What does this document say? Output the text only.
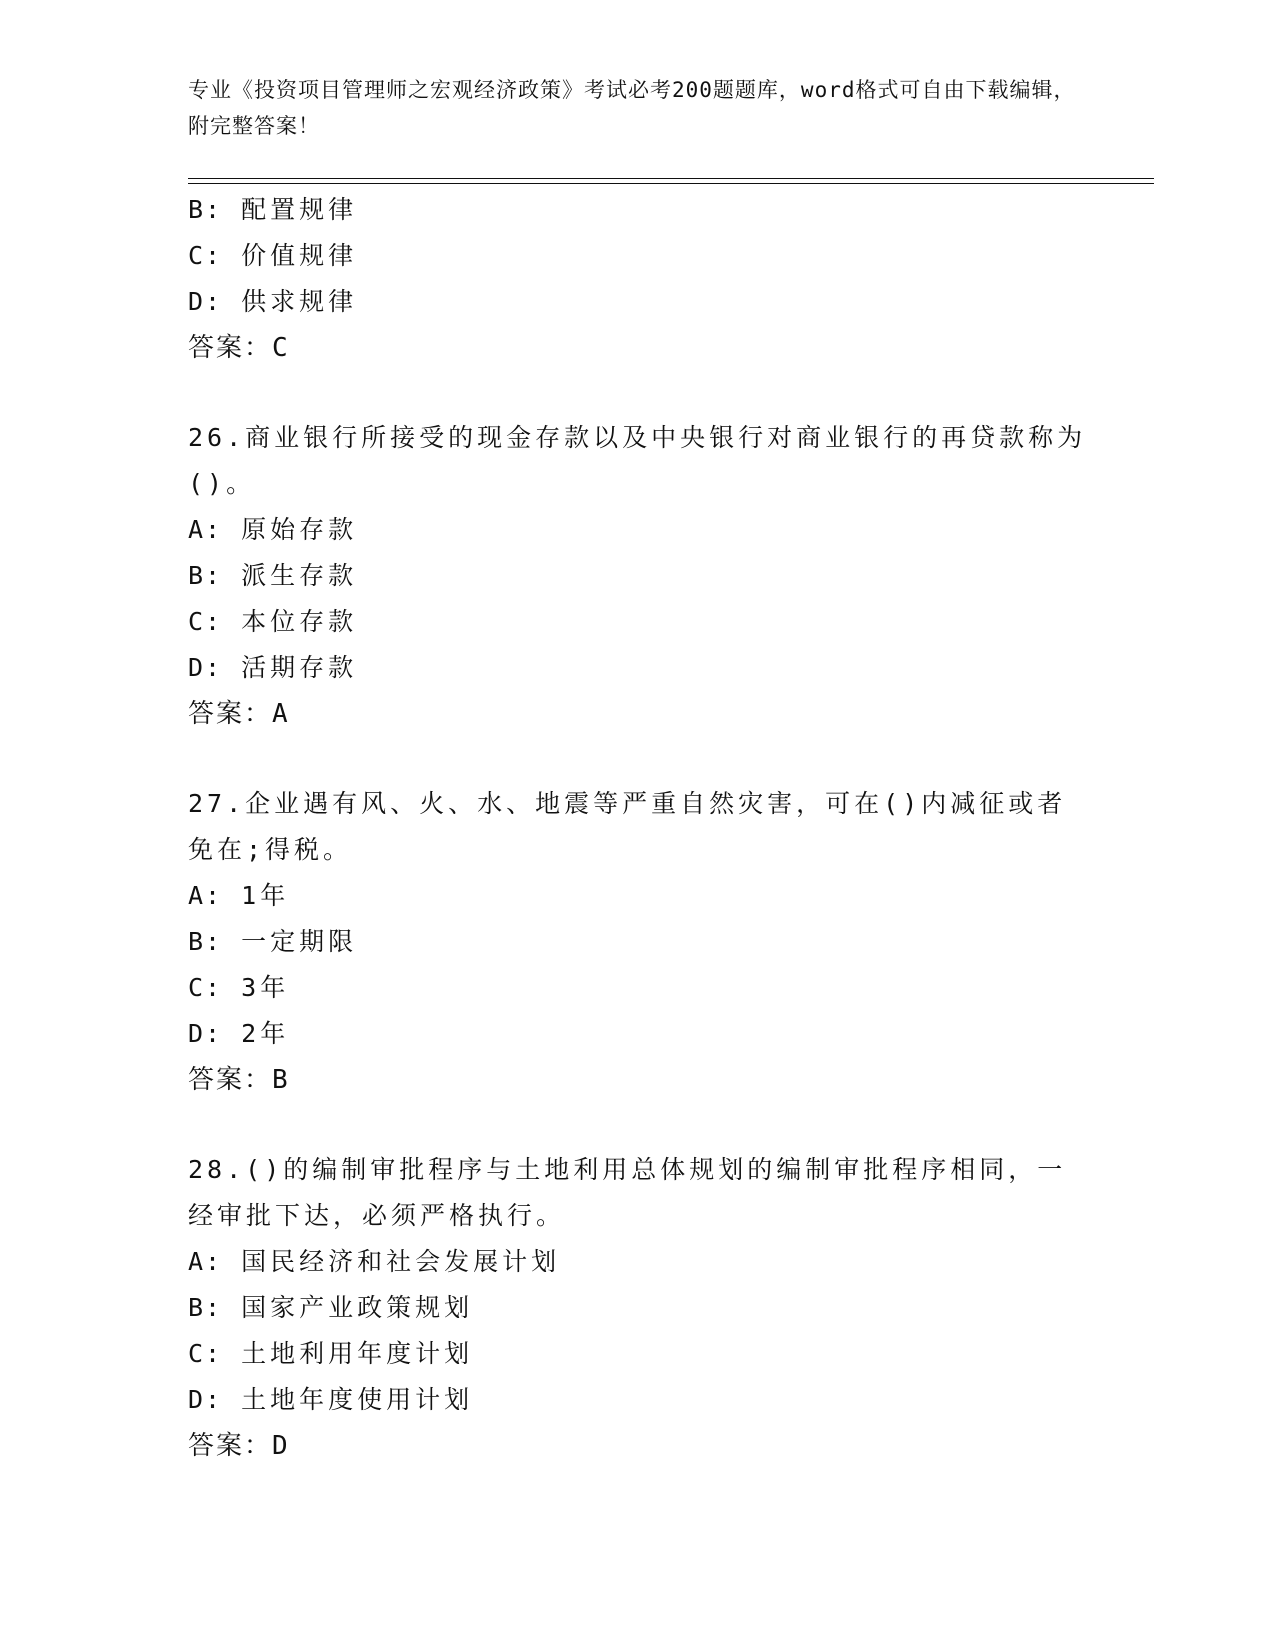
专业《投资项目管理师之宏观经济政策》考试必考200题题库，word格式可自由下载编辑，附完整答案！
B: 配置规律
C: 价值规律
D: 供求规律
答案：C
26.商业银行所接受的现金存款以及中央银行对商业银行的再贷款称为()。
A: 原始存款
B: 派生存款
C: 本位存款
D: 活期存款
答案：A
27.企业遇有风、火、水、地震等严重自然灾害，可在()内减征或者免在;得税。
A: 1年
B: 一定期限
C: 3年
D: 2年
答案：B
28.()的编制审批程序与土地利用总体规划的编制审批程序相同，一经审批下达，必须严格执行。
A: 国民经济和社会发展计划
B: 国家产业政策规划
C: 土地利用年度计划
D: 土地年度使用计划
答案：D
